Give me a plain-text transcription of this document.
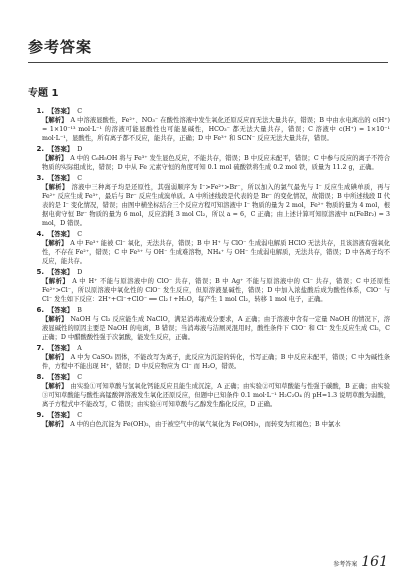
参考答案
专题 1
1. 【答案】 C
【解析】 A 中溶液显酸性，Fe²⁺、NO₃⁻ 在酸性溶液中发生氧化还原反应而无法大量共存，错误；B 中由水电离出的 c(H⁺) = 1×10⁻¹³ mol·L⁻¹ 的溶液可能显酸性也可能显碱性，HCO₃⁻ 都无法大量共存，错误；C 溶液中 c(H⁺) = 1×10⁻¹ mol·L⁻¹，显酸性，所有离子都不反应，能共存，正确；D 中 Fe³⁺ 和 SCN⁻ 反应无法大量共存，错误。
2. 【答案】 D
【解析】 A 中的 C₆H₅OH 将与 Fe³⁺ 发生显色反应，不能共存，错误；B 中反应未配平，错误；C 中参与反应的离子不符合物质的实际组成比，错误；D 中从 Fe 元素守恒的角度可知 0.1 mol 硫酸铁将生成 0.2 mol 铁，质量为 11.2 g，正确。
3. 【答案】 C
【解析】 溶液中三种离子均是还原性，其强弱顺序为 I⁻>Fe²⁺>Br⁻，所以加入的氯气最先与 I⁻ 反应生成碘单质，再与 Fe²⁺ 反应生成 Fe³⁺，最后与 Br⁻ 反应生成溴单质。A 中所述线段是代表的是 Br⁻ 的变化情况，故错误；B 中所述线段 Ⅱ 代表的是 I⁻ 变化情况，错误；由图中横坐标结合三个反应方程可知溶液中 I⁻ 物质的量为 2 mol，Fe²⁺ 物质的量为 4 mol，根据电荷守恒 Br⁻ 物质的量为 6 mol，反应消耗 3 mol Cl₂，所以 a = 6，C 正确；由上述计算可知原溶液中 n(FeBr₂) = 3 mol，D 错误。
4. 【答案】 C
【解析】 A 中 Fe³⁺ 能被 Cl⁻ 氧化，无法共存，错误；B 中 H⁺ 与 ClO⁻ 生成弱电解质 HClO 无法共存，且该溶液有强氧化性，不存在 Fe²⁺，错误；C 中 Fe³⁺ 与 OH⁻ 生成难溶物，NH₄⁺ 与 OH⁻ 生成弱电解质，无法共存，错误；D 中各离子均不反应，能共存。
5. 【答案】 D
【解析】 A 中 H⁺ 不能与原溶液中的 ClO⁻ 共存，错误；B 中 Ag⁺ 不能与原溶液中的 Cl⁻ 共存，错误；C 中还原性 Fe²⁺>Cl⁻，所以原溶液中氧化性的 ClO⁻ 发生反应，但原溶液显碱性，错误；D 中加入浓盐酸后成为酸性体系，ClO⁻ 与 Cl⁻ 发生如下反应：2H⁺+Cl⁻+ClO⁻ ══ Cl₂↑+H₂O，每产生 1 mol Cl₂，转移 1 mol 电子，正确。
6. 【答案】 B
【解析】 NaOH 与 Cl₂ 反应能生成 NaClO，满足消毒液成分要求，A 正确；由于溶液中含有一定量 NaOH 的情况下，溶液显碱性的原因主要是 NaOH 的电离，B 错误；当消毒液与洁厕灵混用时，酸性条件下 ClO⁻ 和 Cl⁻ 发生反应生成 Cl₂，C 正确；D 中醋酸酸性强于次氯酸，能发生反应，正确。
7. 【答案】 A
【解析】 A 中为 CaSO₃ 固体，不能改写为离子，此反应为沉淀的转化，书写正确；B 中反应未配平，错误；C 中为碱性条件，方程中不能出现 H⁺，错误；D 中反应物应为 Cl⁻ 而 H₂O，错误。
8. 【答案】 C
【解析】 由实验①可知草酸与氢氧化钙能反应且能生成沉淀，A 正确；由实验②可知草酸能与性强于碳酸，B 正确；由实验③可知草酸能与酸性高锰酸钾溶液发生氧化还原反应，但题中已知条件 0.1 mol·L⁻¹ H₂C₂O₄ 的 pH=1.3 说明草酸为弱酸，离子方程式中不能改写，C 错误；由实验④可知草酸与乙醇发生酯化反应，D 正确。
9. 【答案】 C
【解析】 A 中的白色沉淀为 Fe(OH)₂，由于被空气中的氧气氧化为 Fe(OH)₃，而转变为红褐色；B 中氯水
参考答案 161
